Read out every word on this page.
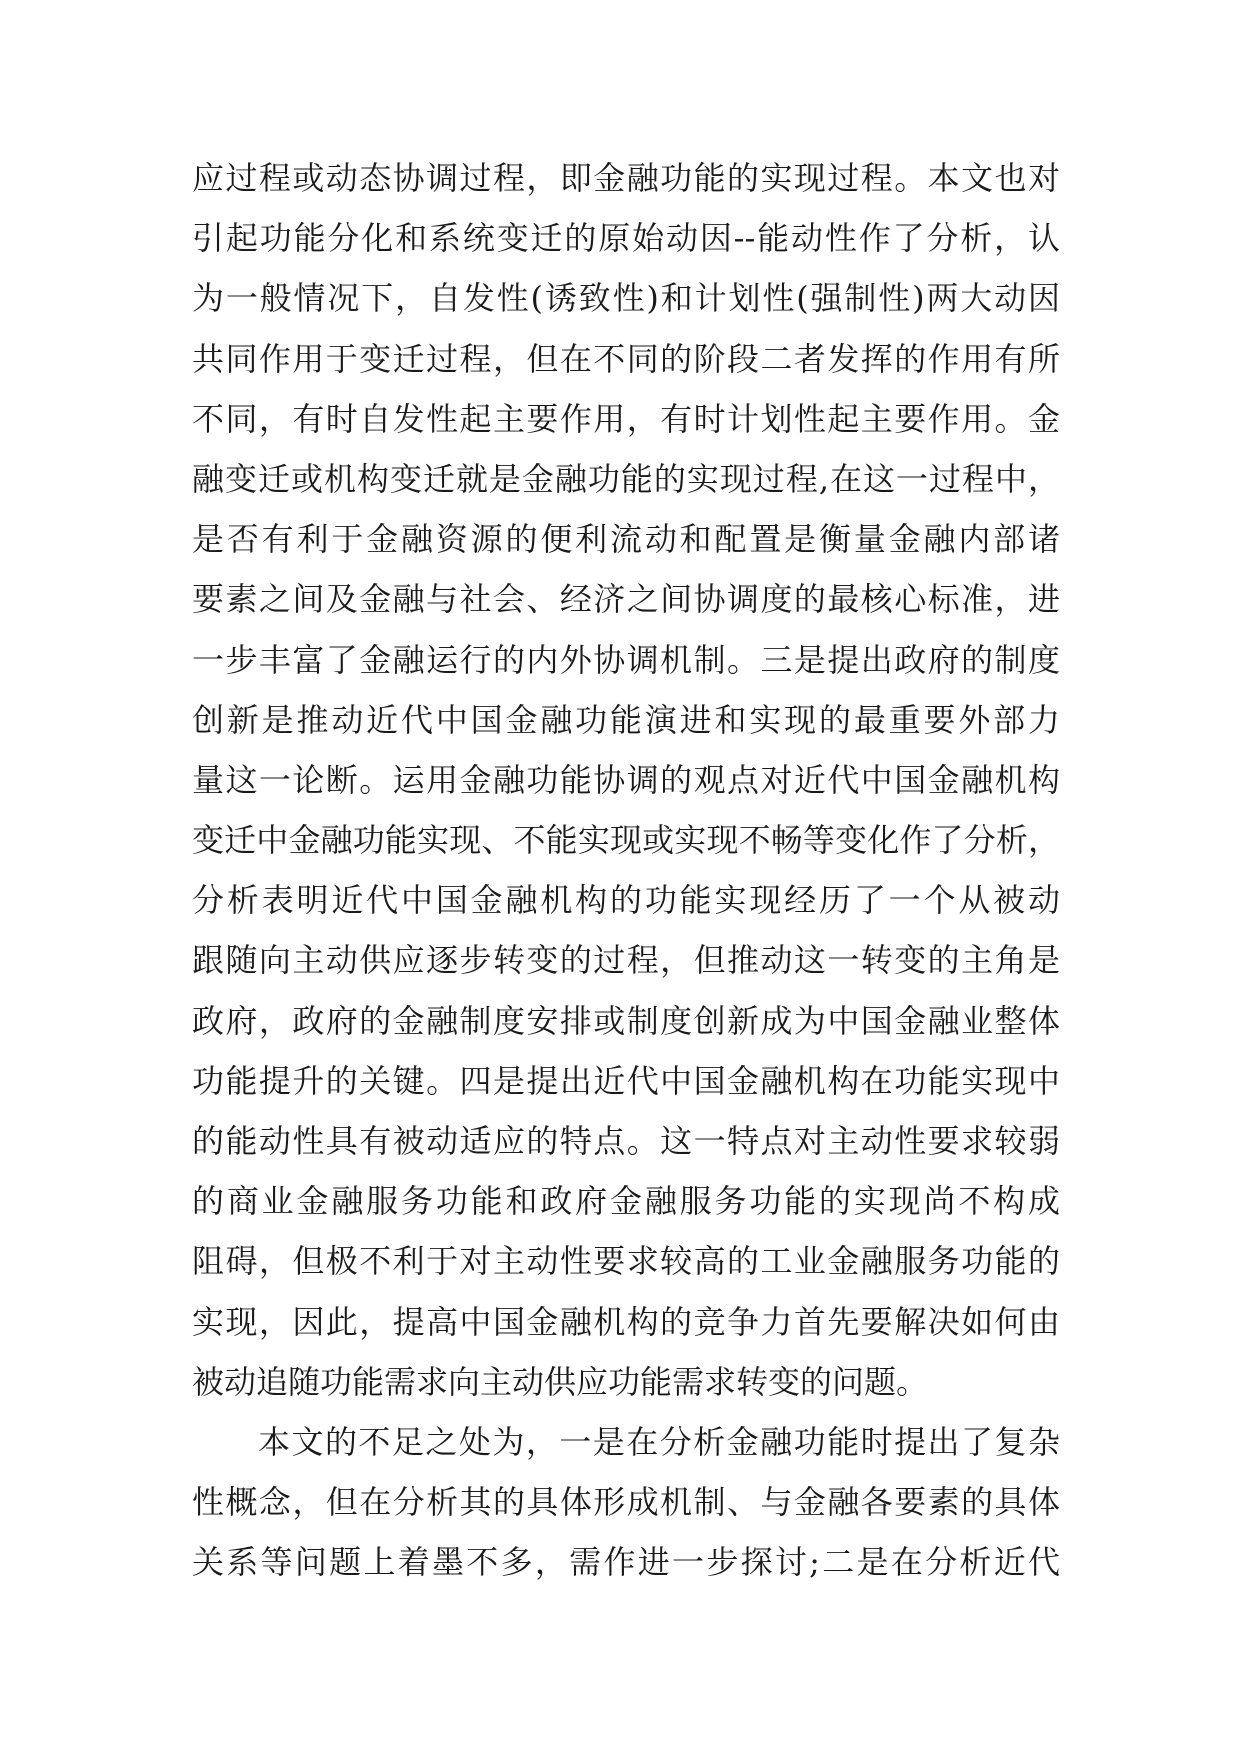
应过程或动态协调过程，即金融功能的实现过程。本文也对
引起功能分化和系统变迁的原始动因--能动性作了分析，认
为一般情况下，自发性(诱致性)和计划性(强制性)两大动因
共同作用于变迁过程，但在不同的阶段二者发挥的作用有所
不同，有时自发性起主要作用，有时计划性起主要作用。金
融变迁或机构变迁就是金融功能的实现过程,在这一过程中，
是否有利于金融资源的便利流动和配置是衡量金融内部诸
要素之间及金融与社会、经济之间协调度的最核心标准，进
一步丰富了金融运行的内外协调机制。三是提出政府的制度
创新是推动近代中国金融功能演进和实现的最重要外部力
量这一论断。运用金融功能协调的观点对近代中国金融机构
变迁中金融功能实现、不能实现或实现不畅等变化作了分析，
分析表明近代中国金融机构的功能实现经历了一个从被动
跟随向主动供应逐步转变的过程，但推动这一转变的主角是
政府，政府的金融制度安排或制度创新成为中国金融业整体
功能提升的关键。四是提出近代中国金融机构在功能实现中
的能动性具有被动适应的特点。这一特点对主动性要求较弱
的商业金融服务功能和政府金融服务功能的实现尚不构成
阻碍，但极不利于对主动性要求较高的工业金融服务功能的
实现，因此，提高中国金融机构的竞争力首先要解决如何由
被动追随功能需求向主动供应功能需求转变的问题。
本文的不足之处为，一是在分析金融功能时提出了复杂
性概念，但在分析其的具体形成机制、与金融各要素的具体
关系等问题上着墨不多，需作进一步探讨;二是在分析近代
